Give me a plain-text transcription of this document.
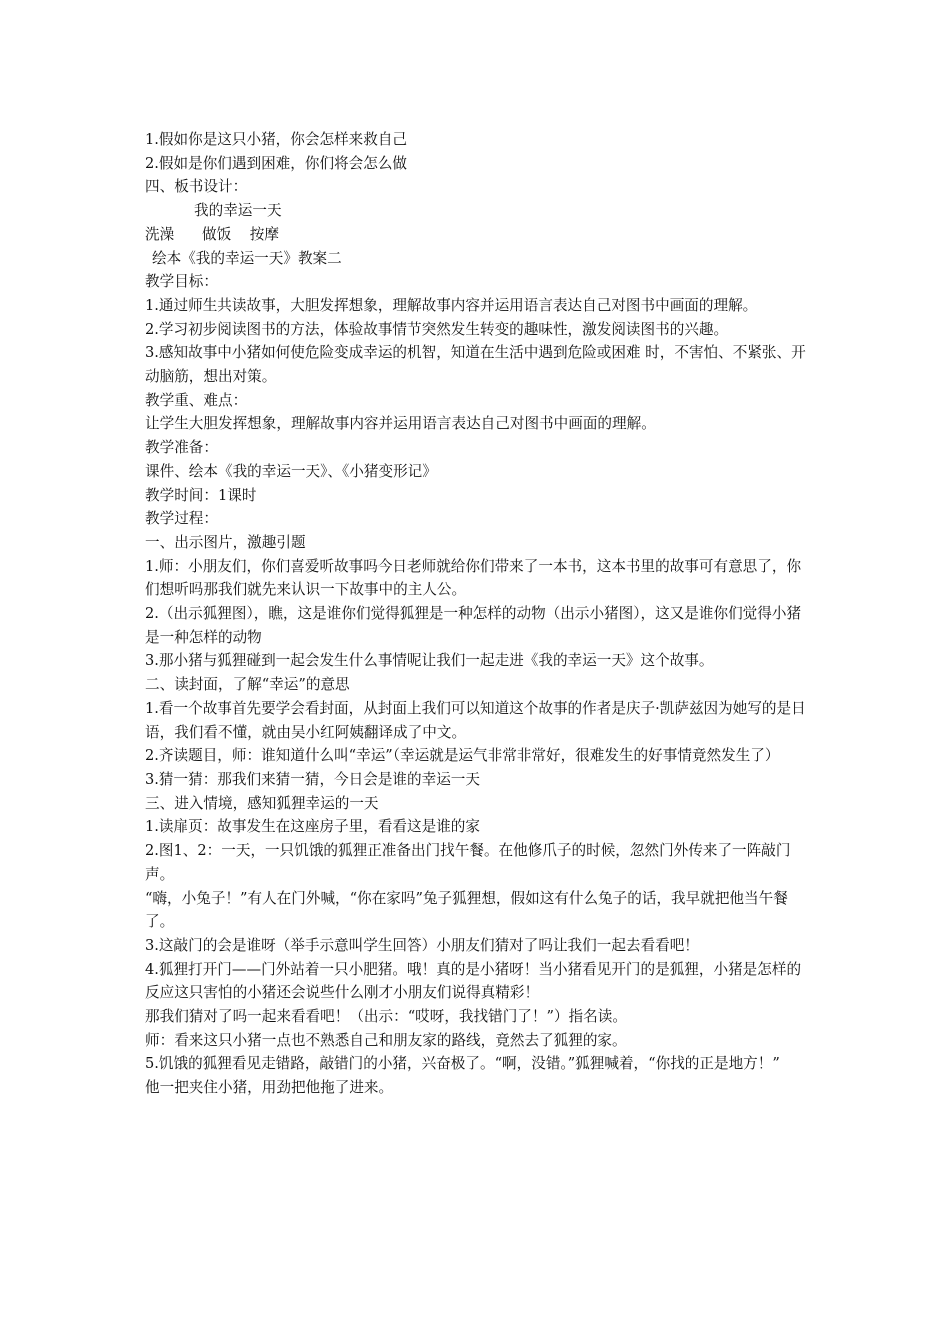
1.假如你是这只小猪，你会怎样来救自己

2.假如是你们遇到困难，你们将会怎么做

四、板书设计：

我的幸运一天

洗澡      做饭    按摩

绘本《我的幸运一天》教案二

教学目标：

1.通过师生共读故事，大胆发挥想象，理解故事内容并运用语言表达自己对图书中画面的理解。

2.学习初步阅读图书的方法，体验故事情节突然发生转变的趣味性，激发阅读图书的兴趣。

3.感知故事中小猪如何使危险变成幸运的机智，知道在生活中遇到危险或困难 时，不害怕、不紧张、开动脑筋，想出对策。

教学重、难点：

让学生大胆发挥想象，理解故事内容并运用语言表达自己对图书中画面的理解。

教学准备：

课件、绘本《我的幸运一天》、《小猪变形记》

教学时间：1课时

教学过程：

一、出示图片，激趣引题

1.师：小朋友们，你们喜爱听故事吗今日老师就给你们带来了一本书，这本书里的故事可有意思了，你们想听吗那我们就先来认识一下故事中的主人公。

2.（出示狐狸图），瞧，这是谁你们觉得狐狸是一种怎样的动物（出示小猪图），这又是谁你们觉得小猪是一种怎样的动物

3.那小猪与狐狸碰到一起会发生什么事情呢让我们一起走进《我的幸运一天》这个故事。

二、读封面，了解“幸运”的意思

1.看一个故事首先要学会看封面，从封面上我们可以知道这个故事的作者是庆子·凯萨兹因为她写的是日语，我们看不懂，就由吴小红阿姨翻译成了中文。

2.齐读题目，师：谁知道什么叫“幸运”（幸运就是运气非常非常好，很难发生的好事情竟然发生了）

3.猜一猜：那我们来猜一猜，今日会是谁的幸运一天

三、进入情境，感知狐狸幸运的一天

1.读扉页：故事发生在这座房子里，看看这是谁的家

2.图1、2：一天，一只饥饿的狐狸正准备出门找午餐。在他修爪子的时候，忽然门外传来了一阵敲门声。

“嗨，小兔子！”有人在门外喊，“你在家吗”兔子狐狸想，假如这有什么兔子的话，我早就把他当午餐了。

3.这敲门的会是谁呀（举手示意叫学生回答）小朋友们猜对了吗让我们一起去看看吧！

4.狐狸打开门——门外站着一只小肥猪。哦！真的是小猪呀！当小猪看见开门的是狐狸，小猪是怎样的反应这只害怕的小猪还会说些什么刚才小朋友们说得真精彩！

那我们猜对了吗一起来看看吧！（出示：“哎呀，我找错门了！”）指名读。

师：看来这只小猪一点也不熟悉自己和朋友家的路线，竟然去了狐狸的家。

5.饥饿的狐狸看见走错路，敲错门的小猪，兴奋极了。“啊，没错。”狐狸喊着，“你找的正是地方！”

他一把夹住小猪，用劲把他拖了进来。
